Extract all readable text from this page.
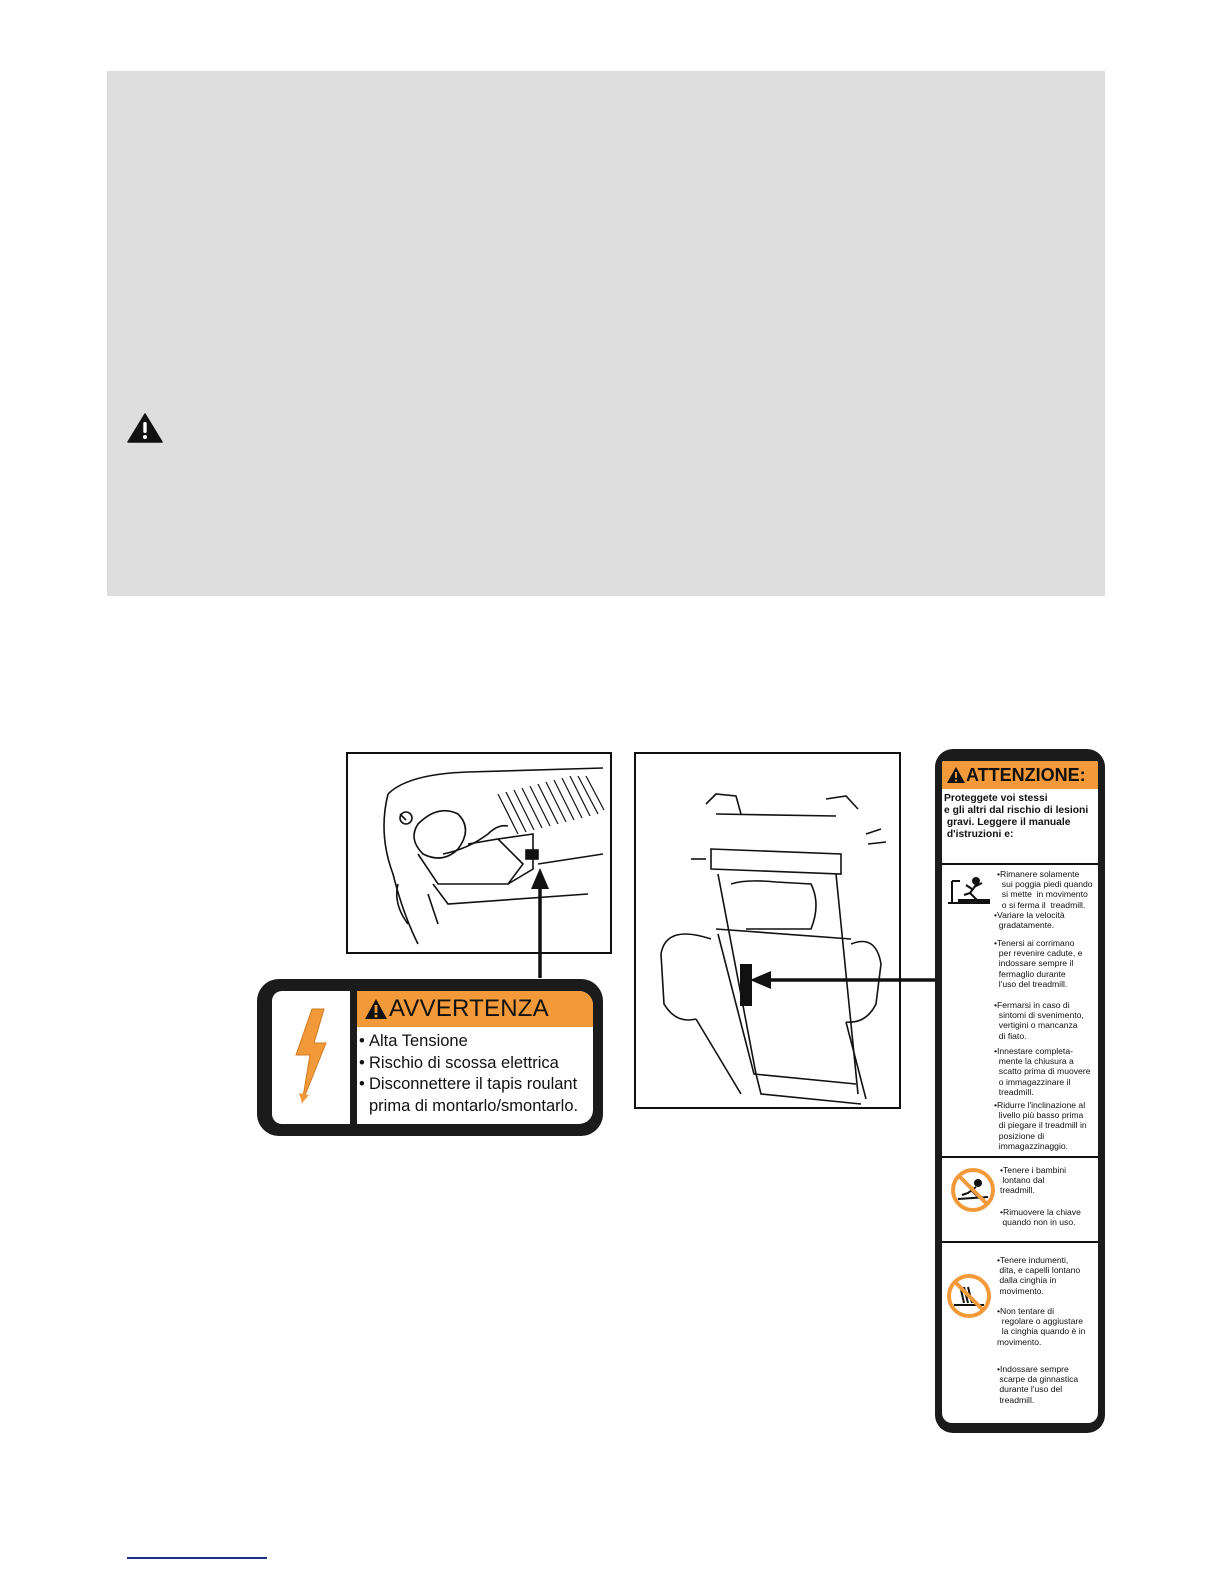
AVVERTENZA
• Alta Tensione
• Rischio di scossa elettrica
• Disconnettere il tapis roulant
prima di montarlo/smontarlo.
ATTENZIONE:
Proteggete voi stessi
e gli altri dal rischio di lesioni
gravi. Leggere il manuale
d'istruzioni e:
•Rimanere solamente
sui poggia piedi quando
si mette  in movimento
o si ferma il  treadmill.
•Variare la velocità
gradatamente.
•Tenersi ai corrimano
per revenire cadute, e
indossare sempre il
fermaglio durante
l'uso del treadmill.
•Fermarsi in caso di
sintomi di svenimento,
vertigini o mancanza
di fiato.
•Innestare completa-
mente la chiusura a
scatto prima di muovere
o immagazzinare il
treadmill.
•Ridurre l'inclinazione al
livello più basso prima
di piegare il treadmill in
posizione di
immagazzinaggio.
•Tenere i bambini
lontano dal
treadmill.
•Rimuovere la chiave
quando non in uso.
•Tenere indumenti,
dita, e capelli lontano
dalla cinghia in
movimento.
•Non tentare di
regolare o aggiustare
la cinghia quando è in
movimento.
•Indossare sempre
scarpe da ginnastica
durante l'uso del
treadmill.
